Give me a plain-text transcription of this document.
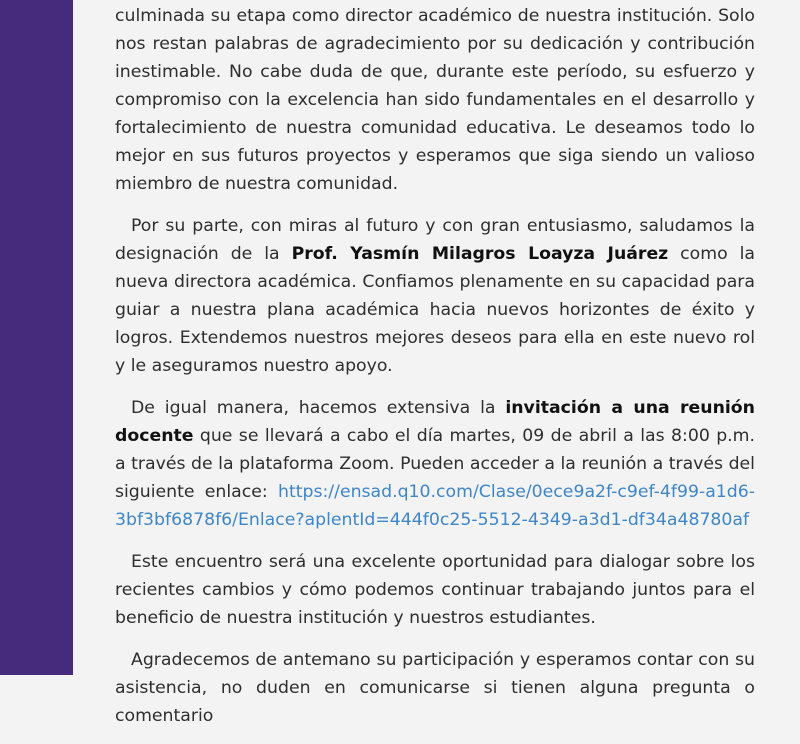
culminada su etapa como director académico de nuestra institución. Solo nos restan palabras de agradecimiento por su dedicación y contribución inestimable. No cabe duda de que, durante este período, su esfuerzo y compromiso con la excelencia han sido fundamentales en el desarrollo y fortalecimiento de nuestra comunidad educativa. Le deseamos todo lo mejor en sus futuros proyectos y esperamos que siga siendo un valioso miembro de nuestra comunidad.

Por su parte, con miras al futuro y con gran entusiasmo, saludamos la designación de la Prof. Yasmín Milagros Loayza Juárez como la nueva directora académica. Confiamos plenamente en su capacidad para guiar a nuestra plana académica hacia nuevos horizontes de éxito y logros. Extendemos nuestros mejores deseos para ella en este nuevo rol y le aseguramos nuestro apoyo.

De igual manera, hacemos extensiva la invitación a una reunión docente que se llevará a cabo el día martes, 09 de abril a las 8:00 p.m. a través de la plataforma Zoom. Pueden acceder a la reunión a través del siguiente enlace: https://ensad.q10.com/Clase/0ece9a2f-c9ef-4f99-a1d6-3bf3bf6878f6/Enlace?aplentId=444f0c25-5512-4349-a3d1-df34a48780af

Este encuentro será una excelente oportunidad para dialogar sobre los recientes cambios y cómo podemos continuar trabajando juntos para el beneficio de nuestra institución y nuestros estudiantes.

Agradecemos de antemano su participación y esperamos contar con su asistencia, no duden en comunicarse si tienen alguna pregunta o comentario
